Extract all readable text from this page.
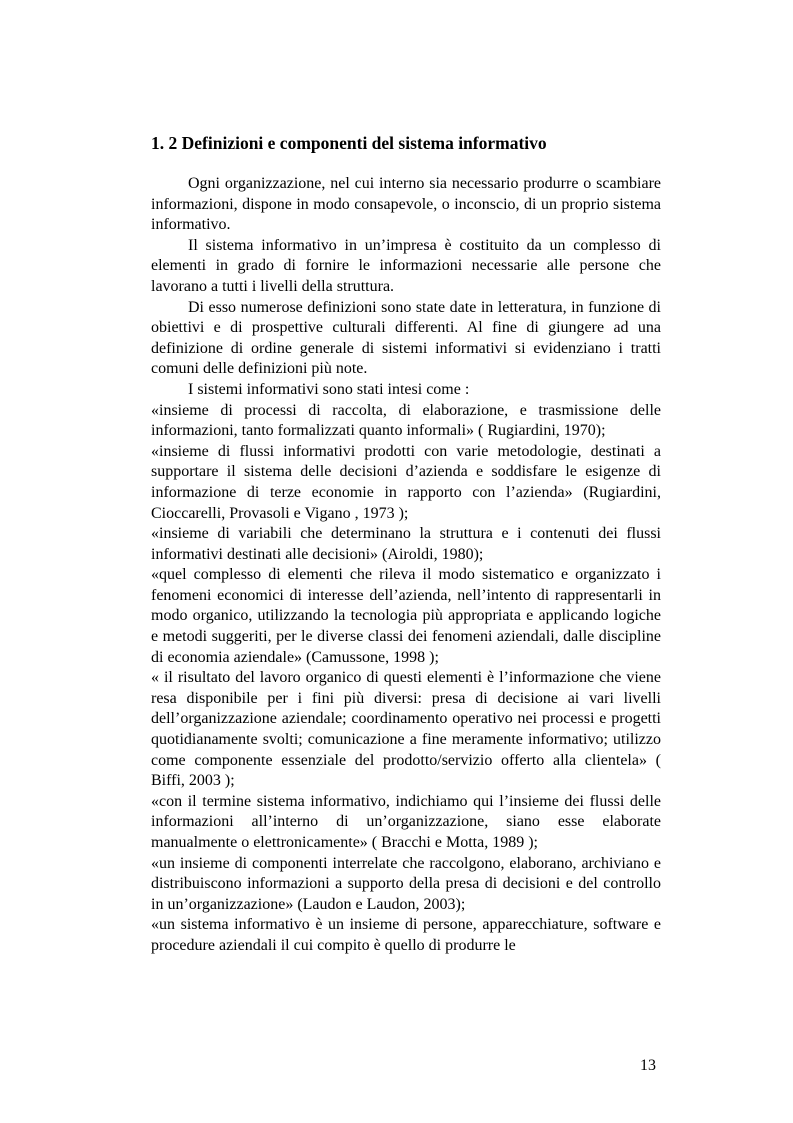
1. 2 Definizioni e componenti del sistema informativo

Ogni organizzazione, nel cui interno sia necessario produrre o scambiare informazioni, dispone in modo consapevole, o inconscio, di un proprio sistema informativo.

Il sistema informativo in un’impresa è costituito da un complesso di elementi in grado di fornire le informazioni necessarie alle persone che lavorano a tutti i livelli della struttura.

Di esso numerose definizioni sono state date in letteratura, in funzione di obiettivi e di prospettive culturali differenti. Al fine di giungere ad una definizione di ordine generale di sistemi informativi si evidenziano i tratti comuni delle definizioni più note.

I sistemi informativi sono stati intesi come :

«insieme di processi di raccolta, di elaborazione, e trasmissione delle informazioni, tanto formalizzati quanto informali» ( Rugiardini, 1970);

«insieme di flussi informativi prodotti con varie metodologie, destinati a supportare il sistema delle decisioni d’azienda e soddisfare le esigenze di informazione di terze economie in rapporto con l’azienda» (Rugiardini, Cioccarelli, Provasoli e Vigano , 1973 );

«insieme di variabili che determinano la struttura e i contenuti dei flussi informativi destinati alle decisioni» (Airoldi, 1980);

«quel complesso di elementi che rileva il modo sistematico e organizzato i fenomeni economici di interesse dell’azienda, nell’intento di rappresentarli in modo organico, utilizzando la tecnologia più appropriata e applicando logiche e metodi suggeriti, per le diverse classi dei fenomeni aziendali, dalle discipline di economia aziendale» (Camussone, 1998 );

« il risultato del lavoro organico di questi elementi è l’informazione che viene resa disponibile per i fini più diversi: presa di decisione ai vari livelli dell’organizzazione aziendale; coordinamento operativo nei processi e progetti quotidianamente svolti; comunicazione a fine meramente informativo; utilizzo come componente essenziale del prodotto/servizio offerto alla clientela» ( Biffi, 2003 );

«con il termine sistema informativo, indichiamo qui l’insieme dei flussi delle informazioni all’interno di un’organizzazione, siano esse elaborate manualmente o elettronicamente» ( Bracchi e Motta, 1989 );

«un insieme di componenti interrelate che raccolgono, elaborano, archiviano e distribuiscono informazioni a supporto della presa di decisioni e del controllo in un’organizzazione» (Laudon e Laudon, 2003);

«un sistema informativo è un insieme di persone, apparecchiature, software e procedure aziendali il cui compito è quello di produrre le

13
